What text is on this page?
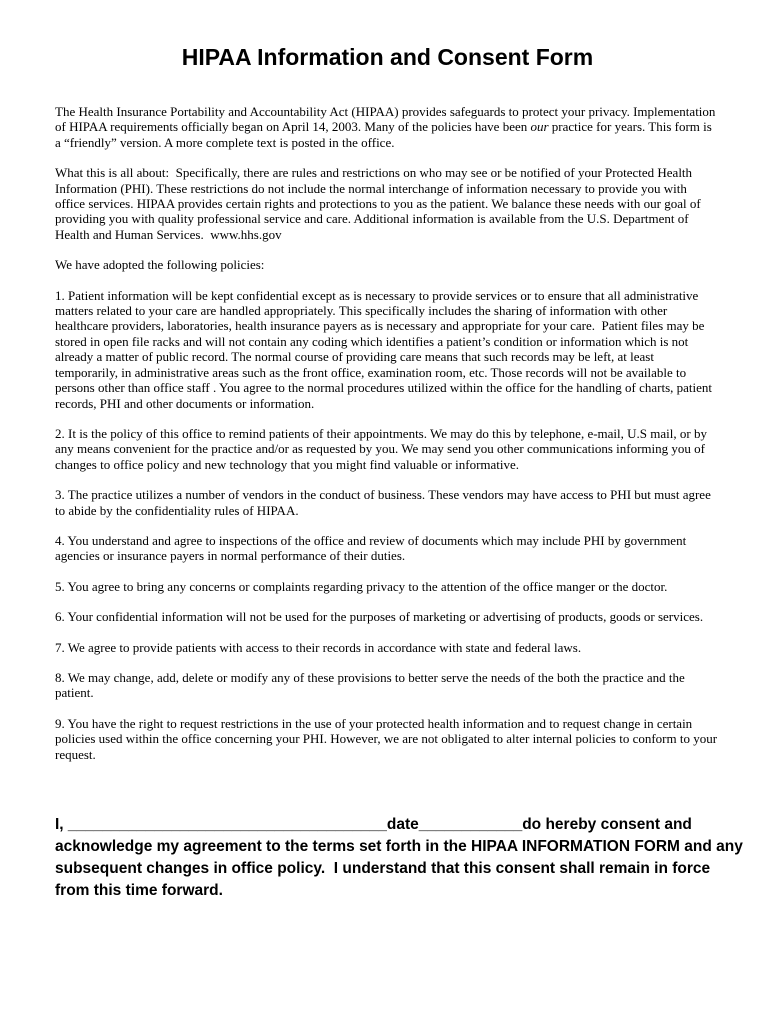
HIPAA Information and Consent Form

The Health Insurance Portability and Accountability Act (HIPAA) provides safeguards to protect your privacy. Implementation of HIPAA requirements officially began on April 14, 2003. Many of the policies have been our practice for years. This form is a “friendly” version. A more complete text is posted in the office.

What this is all about:  Specifically, there are rules and restrictions on who may see or be notified of your Protected Health Information (PHI). These restrictions do not include the normal interchange of information necessary to provide you with office services. HIPAA provides certain rights and protections to you as the patient. We balance these needs with our goal of providing you with quality professional service and care. Additional information is available from the U.S. Department of Health and Human Services.  www.hhs.gov

We have adopted the following policies:

1. Patient information will be kept confidential except as is necessary to provide services or to ensure that all administrative matters related to your care are handled appropriately. This specifically includes the sharing of information with other healthcare providers, laboratories, health insurance payers as is necessary and appropriate for your care.  Patient files may be stored in open file racks and will not contain any coding which identifies a patient’s condition or information which is not already a matter of public record. The normal course of providing care means that such records may be left, at least temporarily, in administrative areas such as the front office, examination room, etc. Those records will not be available to persons other than office staff . You agree to the normal procedures utilized within the office for the handling of charts, patient records, PHI and other documents or information.

2. It is the policy of this office to remind patients of their appointments. We may do this by telephone, e-mail, U.S mail, or by any means convenient for the practice and/or as requested by you. We may send you other communications informing you of changes to office policy and new technology that you might find valuable or informative.

3. The practice utilizes a number of vendors in the conduct of business. These vendors may have access to PHI but must agree to abide by the confidentiality rules of HIPAA.

4. You understand and agree to inspections of the office and review of documents which may include PHI by government agencies or insurance payers in normal performance of their duties.

5. You agree to bring any concerns or complaints regarding privacy to the attention of the office manger or the doctor.

6. Your confidential information will not be used for the purposes of marketing or advertising of products, goods or services.

7. We agree to provide patients with access to their records in accordance with state and federal laws.

8. We may change, add, delete or modify any of these provisions to better serve the needs of the both the practice and the patient.

9. You have the right to request restrictions in the use of your protected health information and to request change in certain policies used within the office concerning your PHI. However, we are not obligated to alter internal policies to conform to your request.

I, _____________________________________date____________do hereby consent and
acknowledge my agreement to the terms set forth in the HIPAA INFORMATION FORM and any
subsequent changes in office policy.  I understand that this consent shall remain in force
from this time forward.
